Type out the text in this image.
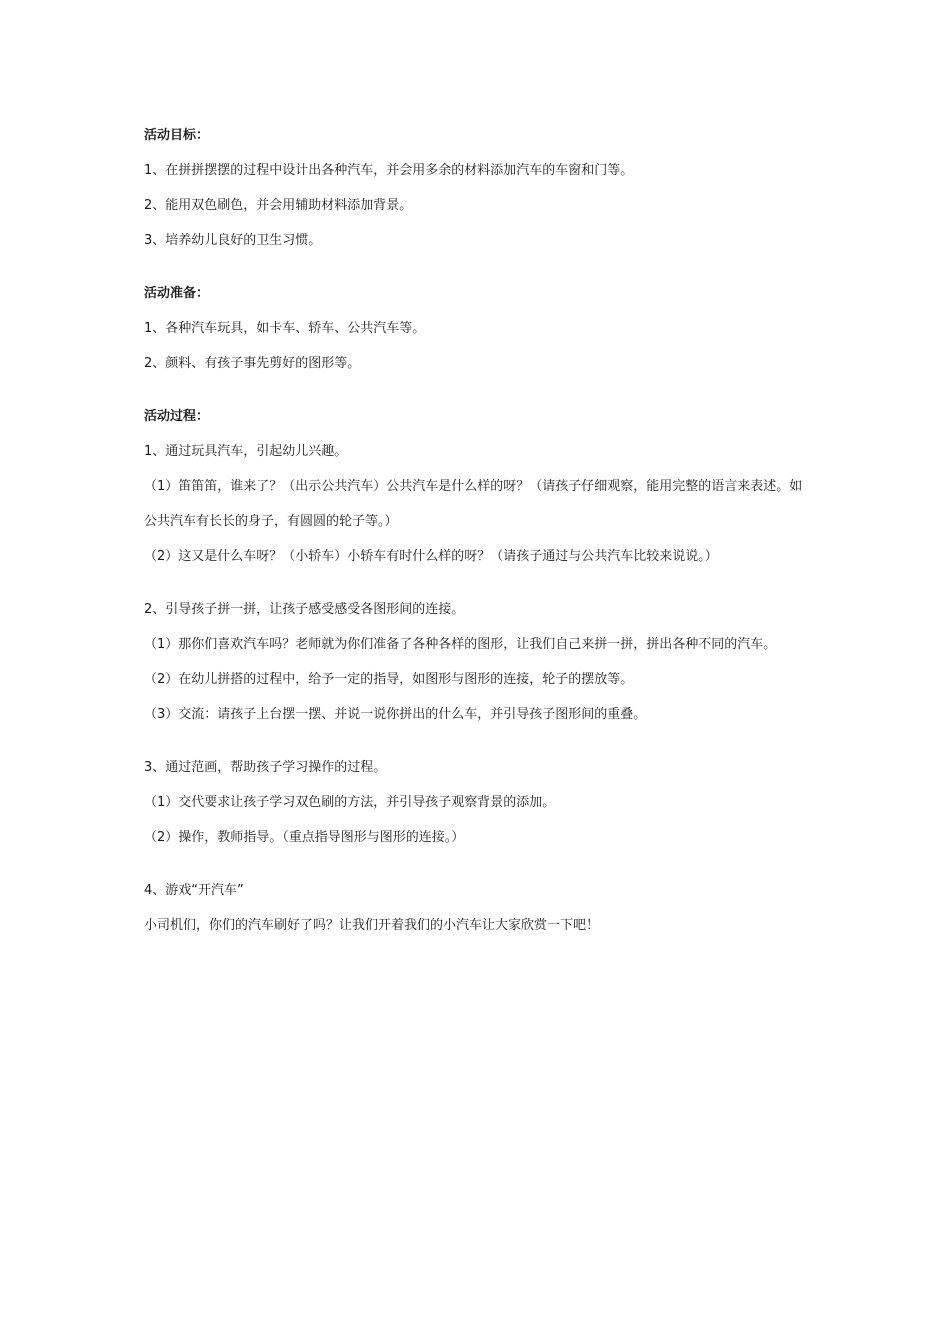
活动目标：
1、在拼拼摆摆的过程中设计出各种汽车，并会用多余的材料添加汽车的车窗和门等。
2、能用双色刷色，并会用辅助材料添加背景。
3、培养幼儿良好的卫生习惯。
活动准备：
1、各种汽车玩具，如卡车、轿车、公共汽车等。
2、颜料、有孩子事先剪好的图形等。
活动过程：
1、通过玩具汽车，引起幼儿兴趣。
（1）笛笛笛，谁来了？（出示公共汽车）公共汽车是什么样的呀？（请孩子仔细观察，能用完整的语言来表述。如公共汽车有长长的身子，有圆圆的轮子等。）
（2）这又是什么车呀？（小轿车）小轿车有时什么样的呀？（请孩子通过与公共汽车比较来说说。）
2、引导孩子拼一拼，让孩子感受感受各图形间的连接。
（1）那你们喜欢汽车吗？老师就为你们准备了各种各样的图形，让我们自己来拼一拼，拼出各种不同的汽车。
（2）在幼儿拼搭的过程中，给予一定的指导，如图形与图形的连接，轮子的摆放等。
（3）交流：请孩子上台摆一摆、并说一说你拼出的什么车，并引导孩子图形间的重叠。
3、通过范画，帮助孩子学习操作的过程。
（1）交代要求让孩子学习双色刷的方法，并引导孩子观察背景的添加。
（2）操作，教师指导。（重点指导图形与图形的连接。）
4、游戏“开汽车”
小司机们，你们的汽车刷好了吗？让我们开着我们的小汽车让大家欣赏一下吧！
